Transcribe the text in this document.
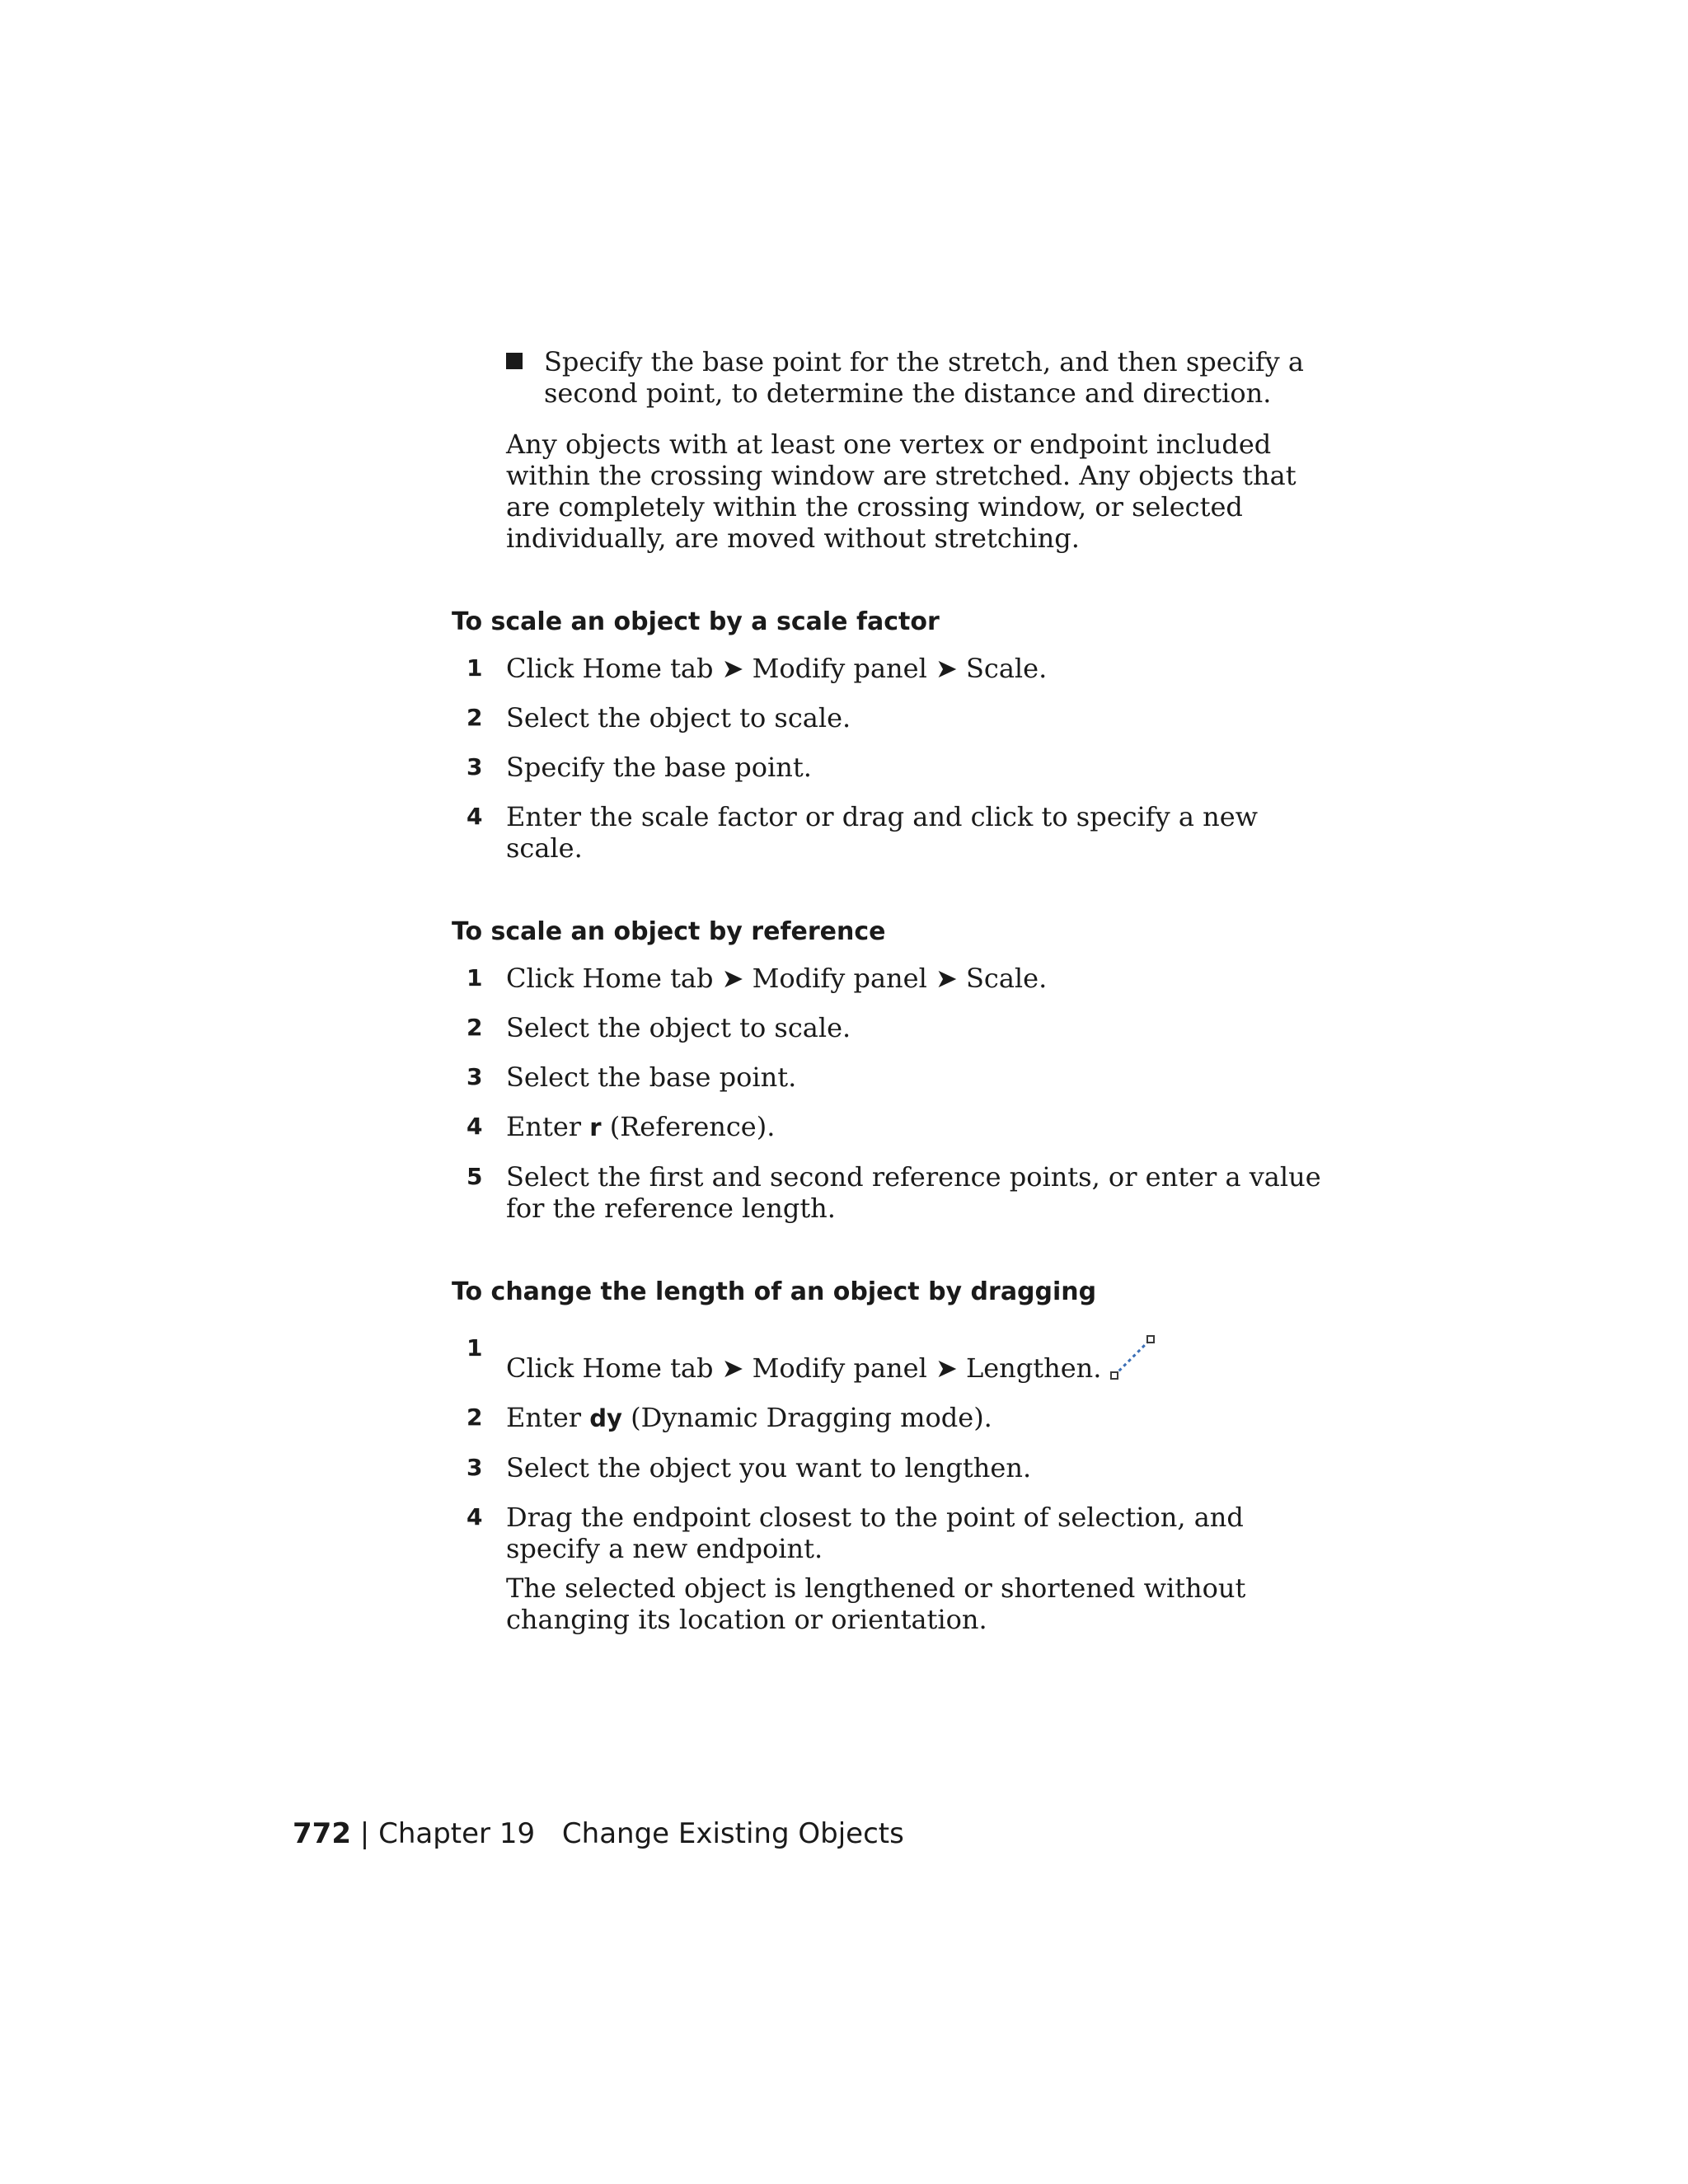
Specify the base point for the stretch, and then specify a second point, to determine the distance and direction.

Any objects with at least one vertex or endpoint included within the crossing window are stretched. Any objects that are completely within the crossing window, or selected individually, are moved without stretching.

To scale an object by a scale factor
1 Click Home tab ➤ Modify panel ➤ Scale.
2 Select the object to scale.
3 Specify the base point.
4 Enter the scale factor or drag and click to specify a new scale.
To scale an object by reference
1 Click Home tab ➤ Modify panel ➤ Scale.
2 Select the object to scale.
3 Select the base point.
4 Enter r (Reference).
5 Select the first and second reference points, or enter a value for the reference length.
To change the length of an object by dragging
1
Click Home tab ➤ Modify panel ➤ Lengthen.
2 Enter dy (Dynamic Dragging mode).
3 Select the object you want to lengthen.
4 Drag the endpoint closest to the point of selection, and specify a new endpoint.
The selected object is lengthened or shortened without changing its location or orientation.
772 | Chapter 19 Change Existing Objects
